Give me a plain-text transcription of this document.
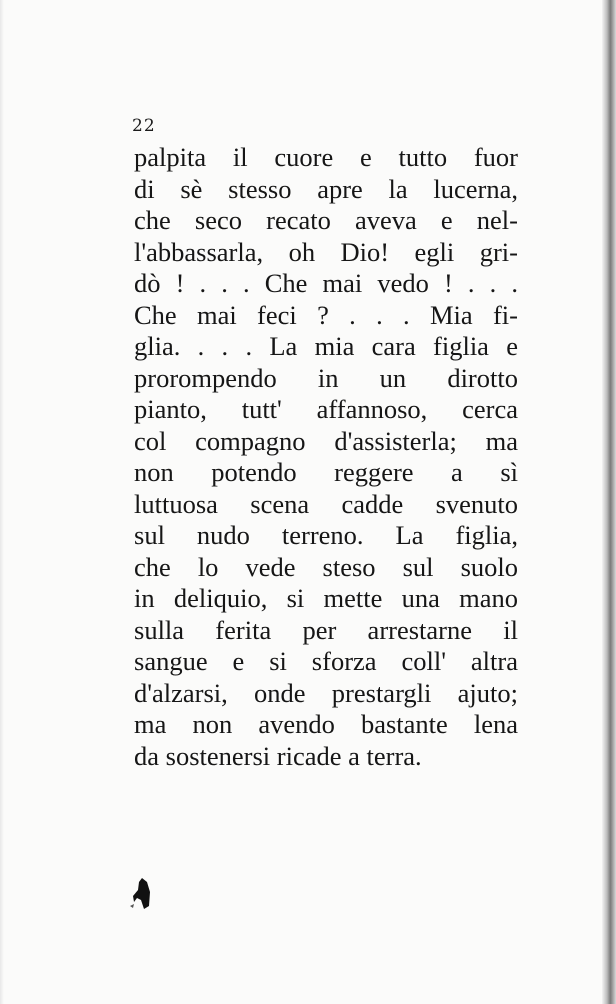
22
palpita il cuore e tutto fuor
di sè stesso apre la lucerna,
che seco recato aveva e nel-
l'abbassarla, oh Dio! egli gri-
dò ! . . . Che mai vedo ! . . .
Che mai feci ? . . . Mia fi-
glia. . . . La mia cara figlia e
prorompendo in un dirotto
pianto, tutt' affannoso, cerca
col compagno d'assisterla; ma
non potendo reggere a sì
luttuosa scena cadde svenuto
sul nudo terreno. La figlia,
che lo vede steso sul suolo
in deliquio, si mette una mano
sulla ferita per arrestarne il
sangue e si sforza coll' altra
d'alzarsi, onde prestargli ajuto;
ma non avendo bastante lena
da sostenersi ricade a terra.
